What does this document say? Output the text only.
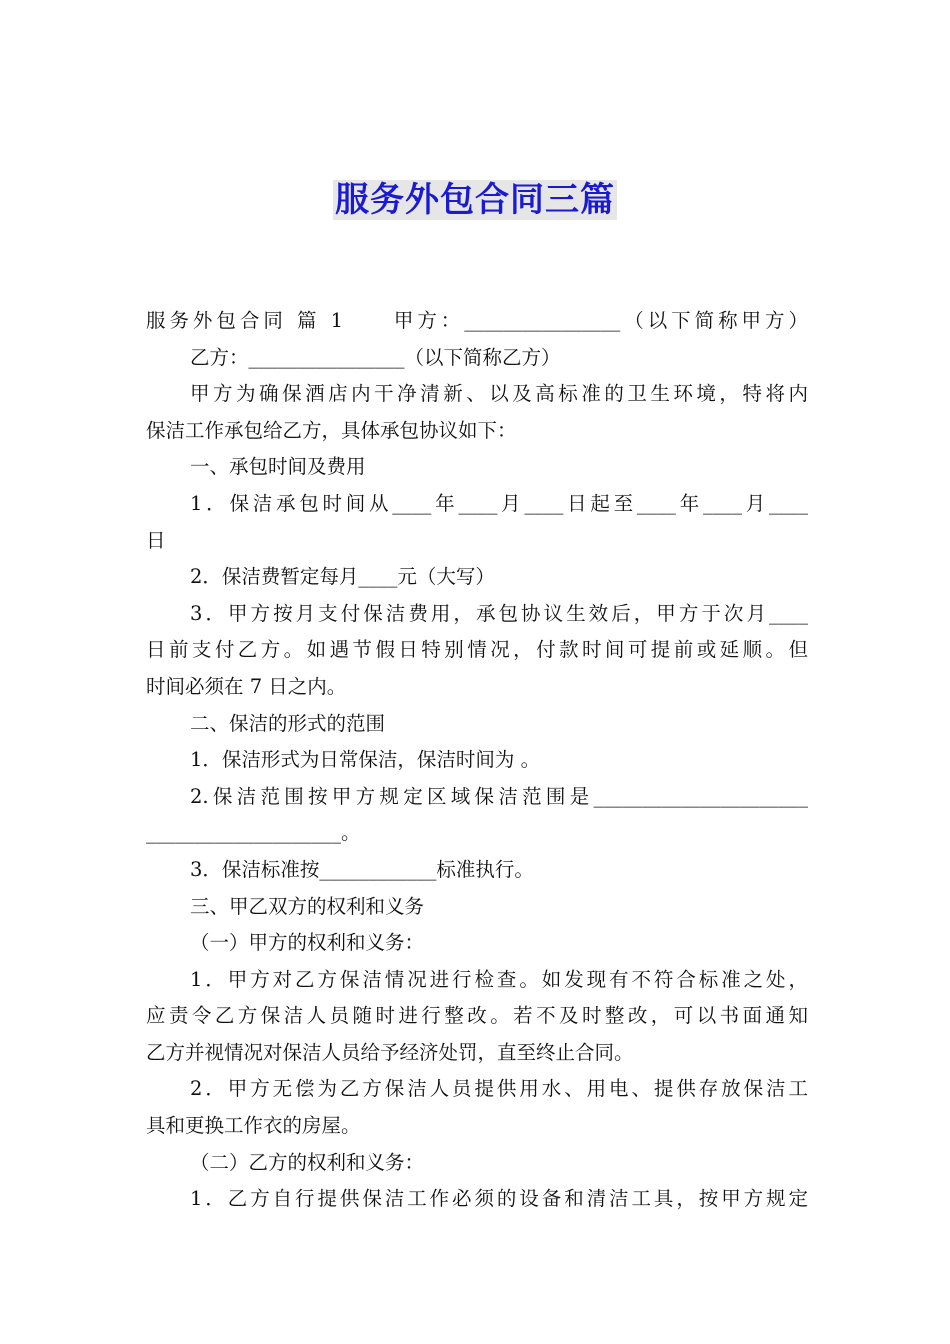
服务外包合同三篇
服务外包合同 篇 1　　甲方：________________（以下简称甲方）
乙方：________________（以下简称乙方）
甲方为确保酒店内干净清新、以及高标准的卫生环境，特将内
保洁工作承包给乙方，具体承包协议如下：
一、承包时间及费用
1．保洁承包时间从____年____月____日起至____年____月____
日
2．保洁费暂定每月____元（大写）
3．甲方按月支付保洁费用，承包协议生效后，甲方于次月____
日前支付乙方。如遇节假日特别情况，付款时间可提前或延顺。但
时间必须在 7 日之内。
二、保洁的形式的范围
1．保洁形式为日常保洁，保洁时间为 。
2.保洁范围按甲方规定区域保洁范围是______________________
____________________。
3．保洁标准按____________标准执行。
三、甲乙双方的权利和义务
（一）甲方的权利和义务：
1．甲方对乙方保洁情况进行检查。如发现有不符合标准之处，
应责令乙方保洁人员随时进行整改。若不及时整改，可以书面通知
乙方并视情况对保洁人员给予经济处罚，直至终止合同。
2．甲方无偿为乙方保洁人员提供用水、用电、提供存放保洁工
具和更换工作衣的房屋。
（二）乙方的权利和义务：
1．乙方自行提供保洁工作必须的设备和清洁工具，按甲方规定
